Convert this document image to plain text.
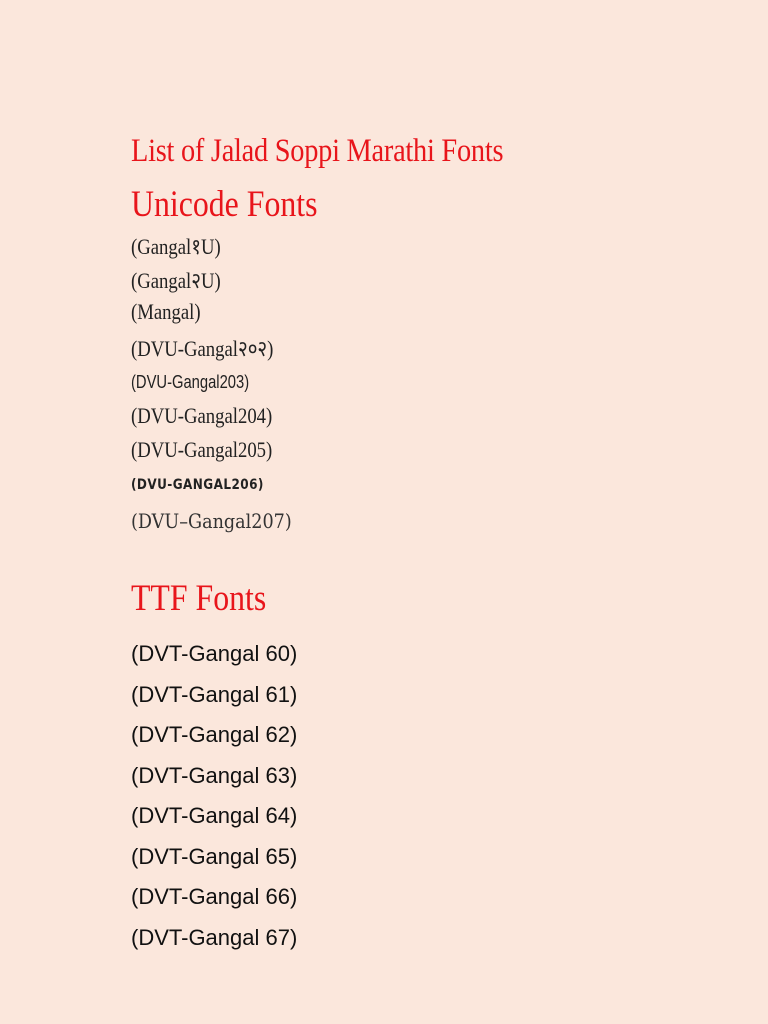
List of Jalad Soppi Marathi Fonts
Unicode Fonts
(Gangal१U)
(Gangal२U)
(Mangal)
(DVU-Gangal२०२)
(DVU-Gangal203)
(DVU-Gangal204)
(DVU-Gangal205)
(DVU-GANGAL206)
(DVU–Gangal207)
TTF Fonts
(DVT-Gangal 60)
(DVT-Gangal 61)
(DVT-Gangal 62)
(DVT-Gangal 63)
(DVT-Gangal 64)
(DVT-Gangal 65)
(DVT-Gangal 66)
(DVT-Gangal 67)
